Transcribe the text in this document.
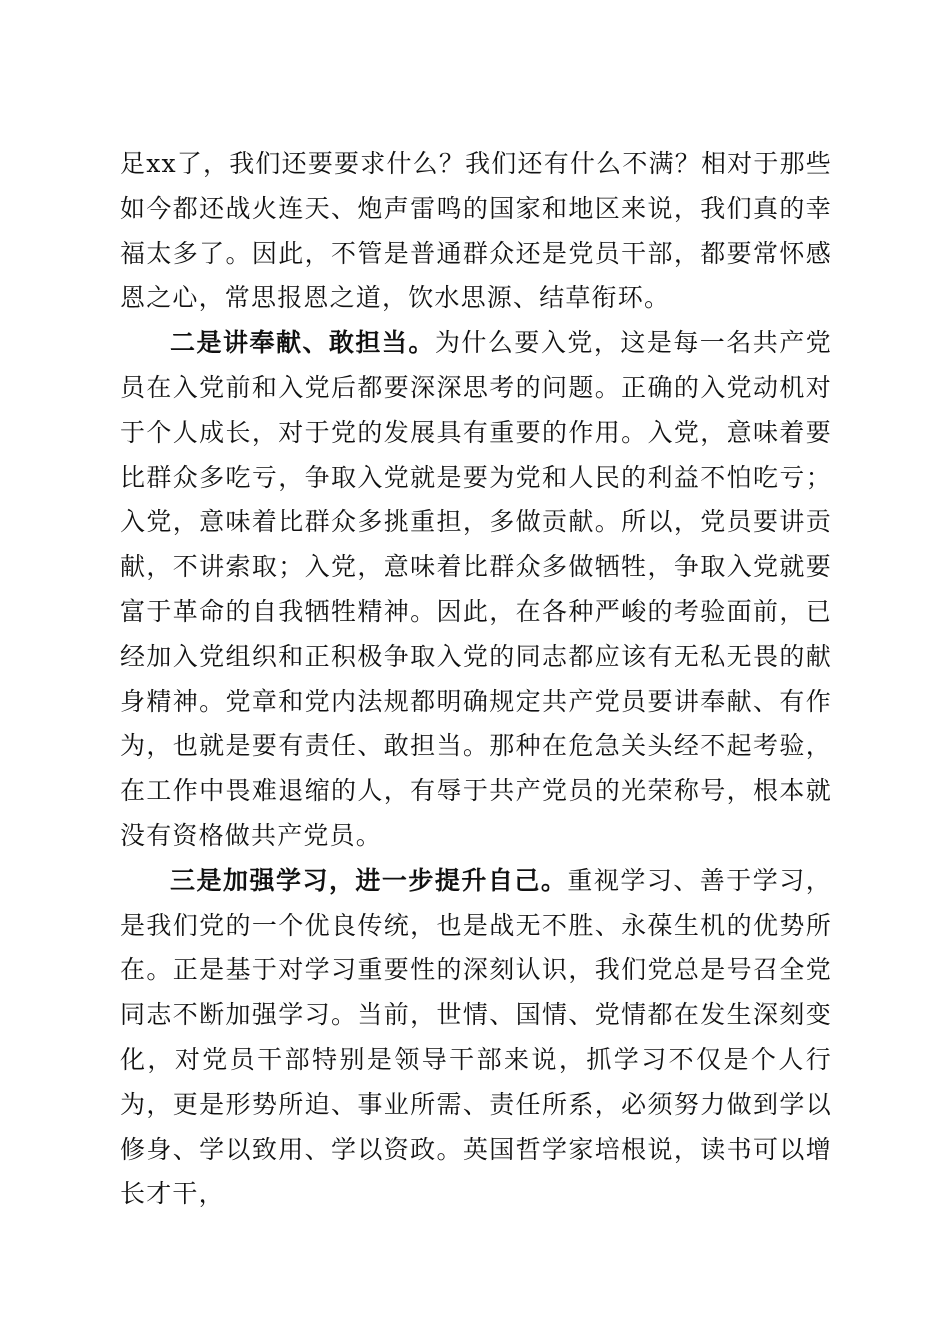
足xx了，我们还要要求什么？我们还有什么不满？相对于那些如今都还战火连天、炮声雷鸣的国家和地区来说，我们真的幸福太多了。因此，不管是普通群众还是党员干部，都要常怀感恩之心，常思报恩之道，饮水思源、结草衔环。

二是讲奉献、敢担当。为什么要入党，这是每一名共产党员在入党前和入党后都要深深思考的问题。正确的入党动机对于个人成长，对于党的发展具有重要的作用。入党，意味着要比群众多吃亏，争取入党就是要为党和人民的利益不怕吃亏；入党，意味着比群众多挑重担，多做贡献。所以，党员要讲贡献，不讲索取；入党，意味着比群众多做牺牲，争取入党就要富于革命的自我牺牲精神。因此，在各种严峻的考验面前，已经加入党组织和正积极争取入党的同志都应该有无私无畏的献身精神。党章和党内法规都明确规定共产党员要讲奉献、有作为，也就是要有责任、敢担当。那种在危急关头经不起考验，在工作中畏难退缩的人，有辱于共产党员的光荣称号，根本就没有资格做共产党员。

三是加强学习，进一步提升自己。重视学习、善于学习，是我们党的一个优良传统，也是战无不胜、永葆生机的优势所在。正是基于对学习重要性的深刻认识，我们党总是号召全党同志不断加强学习。当前，世情、国情、党情都在发生深刻变化，对党员干部特别是领导干部来说，抓学习不仅是个人行为，更是形势所迫、事业所需、责任所系，必须努力做到学以修身、学以致用、学以资政。英国哲学家培根说，读书可以增长才干，
